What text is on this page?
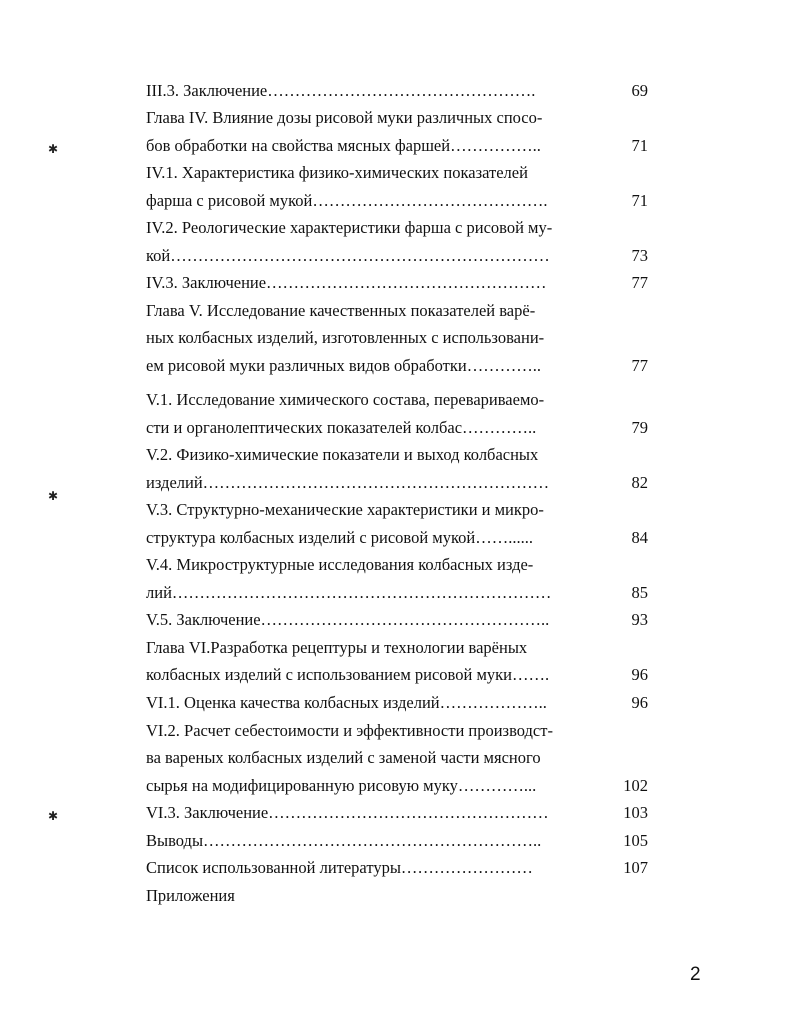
III.3. Заключение………………………………………….
Глава IV. Влияние дозы рисовой муки различных спосо-
бов обработки на свойства мясных фаршей……………..
IV.1. Характеристика физико-химических показателей
фарша с рисовой мукой…………………………………….
IV.2. Реологические характеристики фарша с рисовой му-
кой……………………………………………………………
IV.3. Заключение……………………………………………
Глава V. Исследование качественных показателей варё-
ных колбасных изделий, изготовленных с использовани-
ем рисовой муки различных видов обработки…………..
V.1. Исследование химического состава, перевариваемо-
сти и органолептических показателей колбас…………..
V.2. Физико-химические показатели и выход колбасных
изделий………………………………………………………
V.3. Структурно-механические характеристики и микро-
структура колбасных изделий с рисовой мукой……......
V.4. Микроструктурные исследования колбасных изде-
лий……………………………………………………………
V.5. Заключение……………………………………………..
Глава VI.Разработка рецептуры и технологии варёных
колбасных изделий с использованием рисовой муки…….
VI.1. Оценка качества колбасных изделий………………..
VI.2. Расчет себестоимости и эффективности производст-
ва вареных колбасных изделий с заменой части мясного
сырья на модифицированную рисовую муку…………...
VI.3. Заключение……………………………………………
Выводы……………………………………………………..
Список использованной литературы……………………
Приложения
69
71
71
73
77
77
79
82
84
85
93
96
96
102
103
105
107
✱
✱
✱
2
